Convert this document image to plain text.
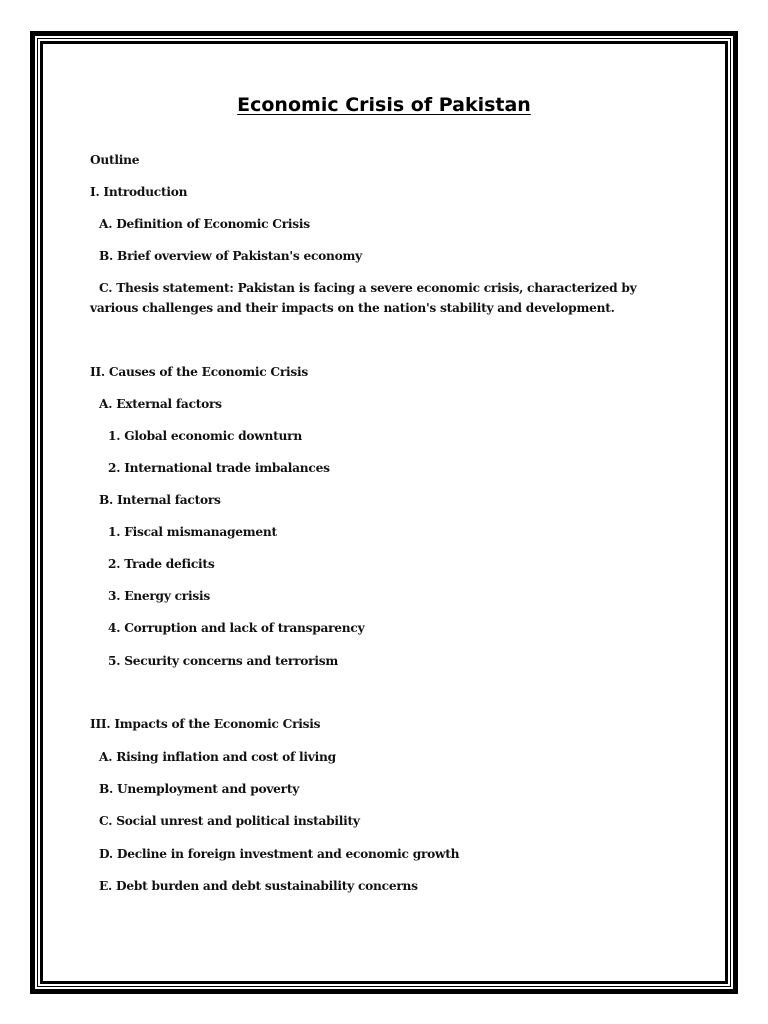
Economic Crisis of Pakistan
Outline
I. Introduction
A. Definition of Economic Crisis
B. Brief overview of Pakistan's economy
C. Thesis statement: Pakistan is facing a severe economic crisis, characterized by various challenges and their impacts on the nation's stability and development.
II. Causes of the Economic Crisis
A. External factors
1. Global economic downturn
2. International trade imbalances
B. Internal factors
1. Fiscal mismanagement
2. Trade deficits
3. Energy crisis
4. Corruption and lack of transparency
5. Security concerns and terrorism
III. Impacts of the Economic Crisis
A. Rising inflation and cost of living
B. Unemployment and poverty
C. Social unrest and political instability
D. Decline in foreign investment and economic growth
E. Debt burden and debt sustainability concerns
